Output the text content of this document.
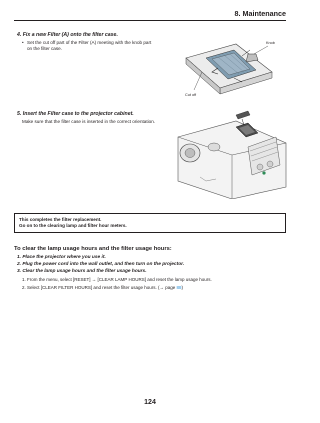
8. Maintenance
4. Fix a new Filter (A) onto the filter case.
• Set the cut off part of the Filter (A) meeting with the knob part
on the filter case.
Knob
Cut off
5. Insert the Filter case to the projector cabinet.
Make sure that the filter case is inserted in the correct orientation.
This completes the filter replacement.
Go on to the clearing lamp and filter hour meters.
To clear the lamp usage hours and the filter usage hours:
1. Place the projector where you use it.
2. Plug the power cord into the wall outlet, and then turn on the projector.
3. Clear the lamp usage hours and the filter usage hours.
1. From the menu, select [RESET] → [CLEAR LAMP HOURS] and reset the lamp usage hours.
2. Select [CLEAR FILTER HOURS] and reset the filter usage hours. (→ page 88)
124
